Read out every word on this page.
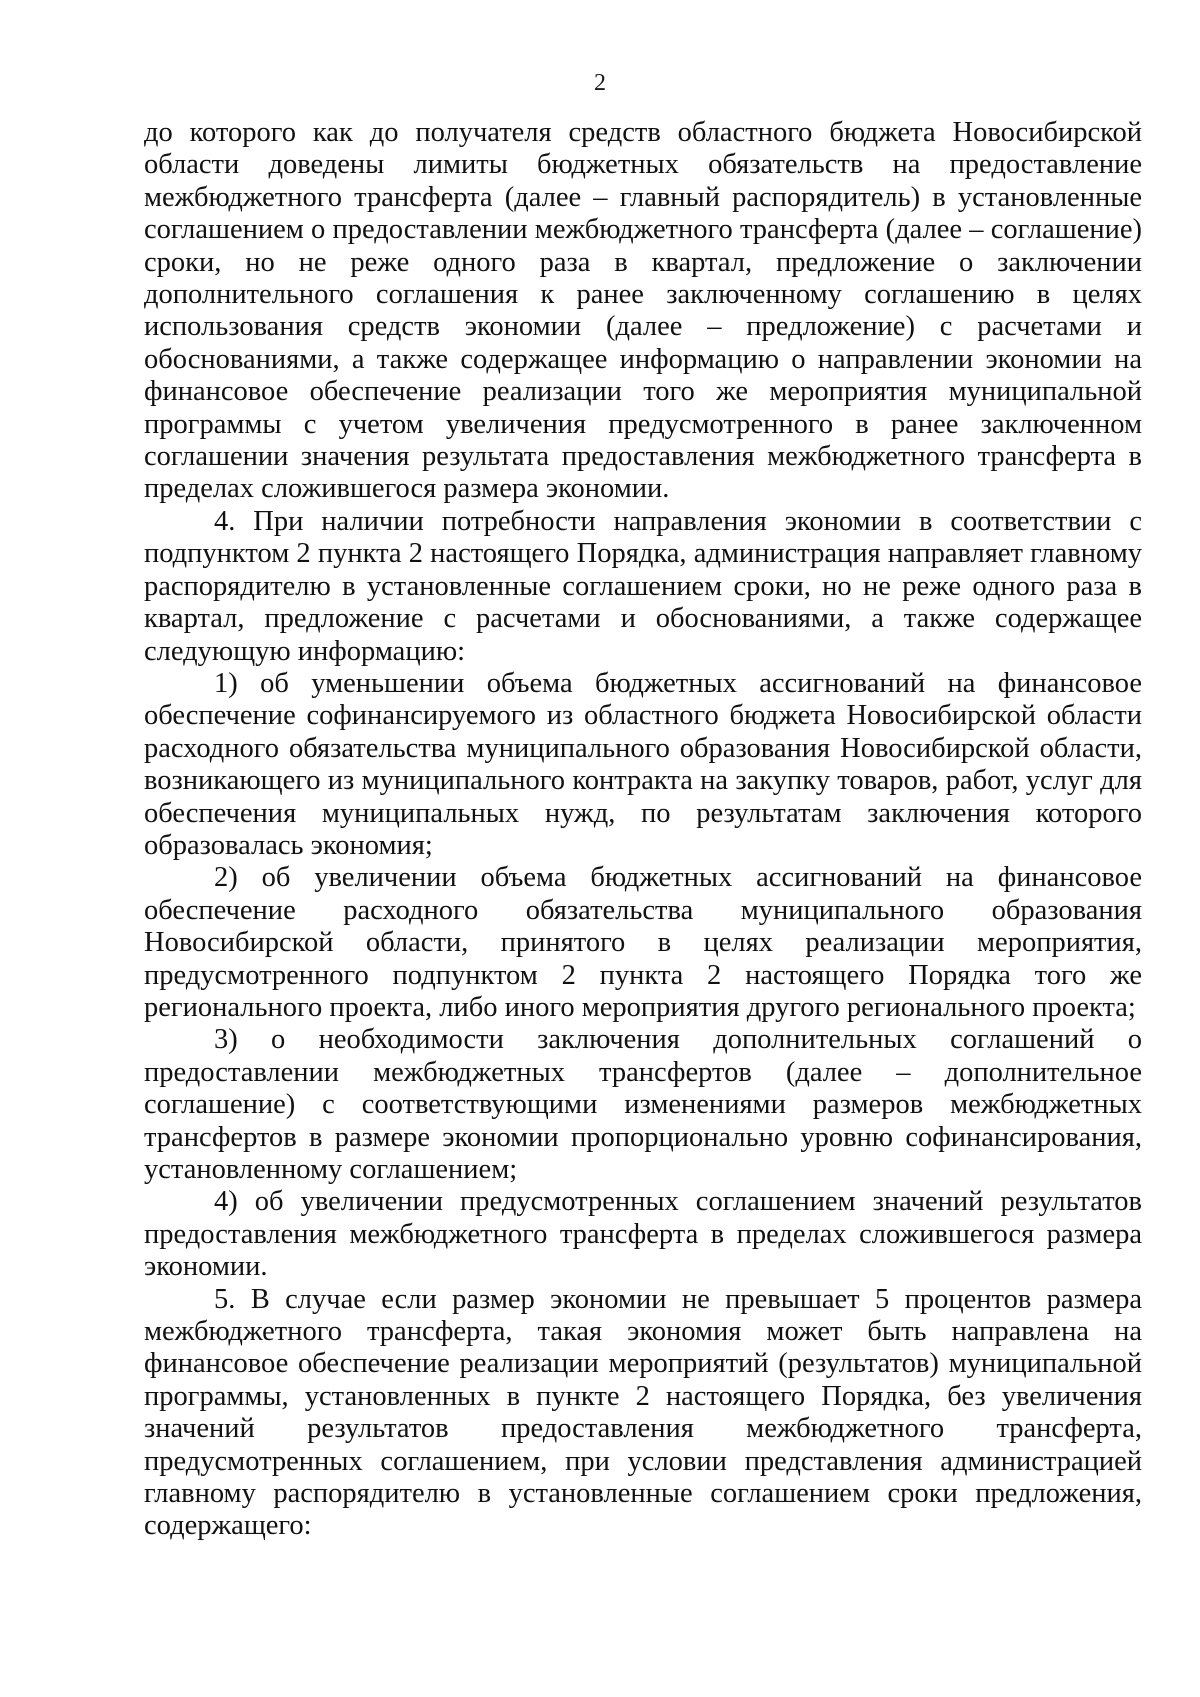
2

до которого как до получателя средств областного бюджета Новосибирской области доведены лимиты бюджетных обязательств на предоставление межбюджетного трансферта (далее – главный распорядитель) в установленные соглашением о предоставлении межбюджетного трансферта (далее – соглашение) сроки, но не реже одного раза в квартал, предложение о заключении дополнительного соглашения к ранее заключенному соглашению в целях использования средств экономии (далее – предложение) с расчетами и обоснованиями, а также содержащее информацию о направлении экономии на финансовое обеспечение реализации того же мероприятия муниципальной программы с учетом увеличения предусмотренного в ранее заключенном соглашении значения результата предоставления межбюджетного трансферта в пределах сложившегося размера экономии.

4. При наличии потребности направления экономии в соответствии с подпунктом 2 пункта 2 настоящего Порядка, администрация направляет главному распорядителю в установленные соглашением сроки, но не реже одного раза в квартал, предложение с расчетами и обоснованиями, а также содержащее следующую информацию:

1) об уменьшении объема бюджетных ассигнований на финансовое обеспечение софинансируемого из областного бюджета Новосибирской области расходного обязательства муниципального образования Новосибирской области, возникающего из муниципального контракта на закупку товаров, работ, услуг для обеспечения муниципальных нужд, по результатам заключения которого образовалась экономия;

2) об увеличении объема бюджетных ассигнований на финансовое обеспечение расходного обязательства муниципального образования Новосибирской области, принятого в целях реализации мероприятия, предусмотренного подпунктом 2 пункта 2 настоящего Порядка того же регионального проекта, либо иного мероприятия другого регионального проекта;

3) о необходимости заключения дополнительных соглашений о предоставлении межбюджетных трансфертов (далее – дополнительное соглашение) с соответствующими изменениями размеров межбюджетных трансфертов в размере экономии пропорционально уровню софинансирования, установленному соглашением;

4) об увеличении предусмотренных соглашением значений результатов предоставления межбюджетного трансферта в пределах сложившегося размера экономии.

5. В случае если размер экономии не превышает 5 процентов размера межбюджетного трансферта, такая экономия может быть направлена на финансовое обеспечение реализации мероприятий (результатов) муниципальной программы, установленных в пункте 2 настоящего Порядка, без увеличения значений результатов предоставления межбюджетного трансферта, предусмотренных соглашением, при условии представления администрацией главному распорядителю в установленные соглашением сроки предложения, содержащего:
